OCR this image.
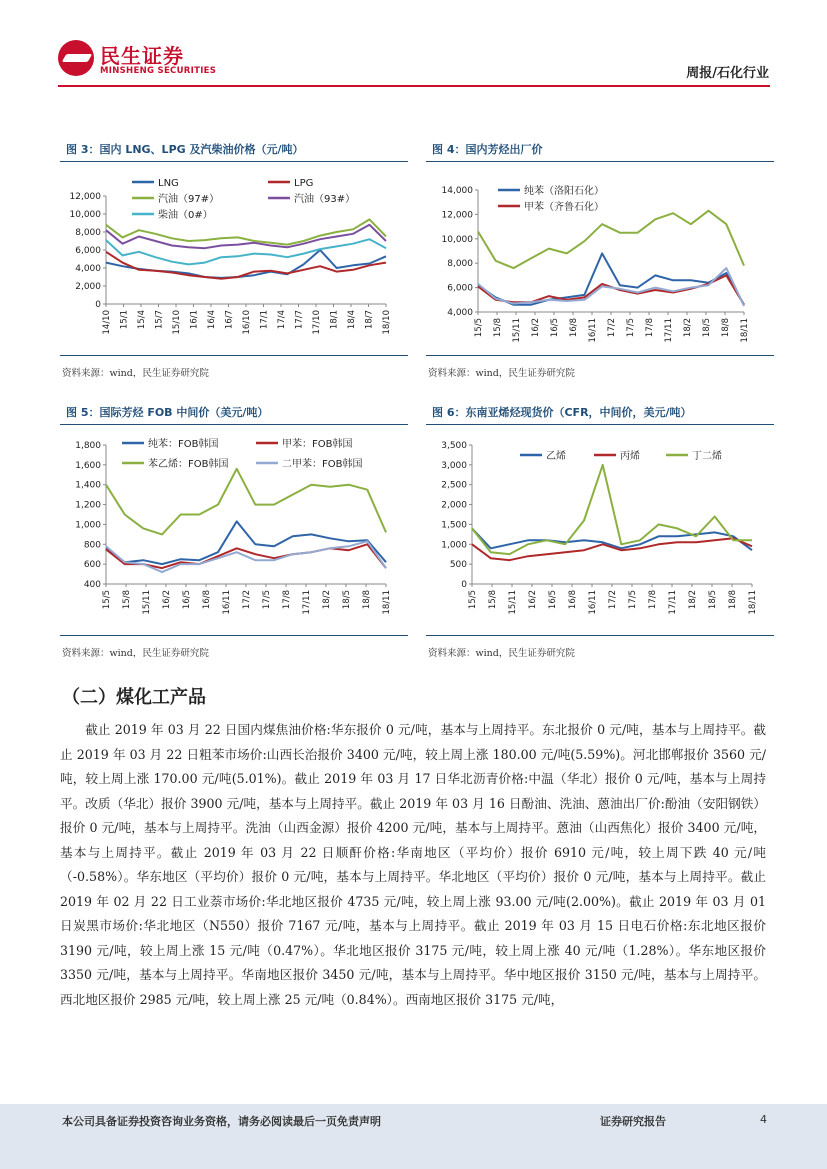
民生证券
MINSHENG SECURITIES	周报/石化行业
图 3：国内 LNG、LPG 及汽柴油价格（元/吨）
0
2,000
4,000
6,000
8,000
10,000
12,000
14/10 15/1 15/4 15/7 15/10 16/1 16/4 16/7 16/10 17/1 17/4 17/7 17/10 18/1 18/4 18/7 18/10
LNG	LPG
汽油（97#）	汽油（93#）
柴油（0#）
资料来源：wind，民生证券研究院
图 4：国内芳烃出厂价
4,000
6,000
8,000
10,000
12,000
14,000
15/5 15/8 15/11 16/2 16/5 16/8 16/11 17/2 17/5 17/8 17/11 18/2 18/5 18/8 18/11
纯苯（洛阳石化）
甲苯（齐鲁石化）
资料来源：wind，民生证券研究院
图 5：国际芳烃 FOB 中间价（美元/吨）
400
600
800
1,000
1,200
1,400
1,600
1,800
15/5 15/8 15/11 16/2 16/5 16/8 16/11 17/2 17/5 17/8 17/11 18/2 18/5 18/8 18/11
纯苯：FOB韩国	甲苯：FOB韩国
苯乙烯：FOB韩国	二甲苯：FOB韩国
资料来源：wind，民生证券研究院
图 6：东南亚烯烃现货价（CFR，中间价，美元/吨）
0
500
1,000
1,500
2,000
2,500
3,000
3,500
15/5 15/8 15/11 16/2 16/5 16/8 16/11 17/2 17/5 17/8 17/11 18/2 18/5 18/8 18/11
乙烯	丙烯	丁二烯
资料来源：wind，民生证券研究院
（二）煤化工产品
截止 2019 年 03 月 22 日国内煤焦油价格:华东报价 0 元/吨，基本与上周持平。东北报价 0 元/吨，基本与上周持平。截止 2019 年 03 月 22 日粗苯市场价:山西长治报价 3400 元/吨，较上周上涨 180.00 元/吨(5.59%)。河北邯郸报价 3560 元/吨，较上周上涨 170.00 元/吨(5.01%)。截止 2019 年 03 月 17 日华北沥青价格:中温（华北）报价 0 元/吨，基本与上周持平。改质（华北）报价 3900 元/吨，基本与上周持平。截止 2019 年 03 月 16 日酚油、洗油、蒽油出厂价:酚油（安阳钢铁）报价 0 元/吨，基本与上周持平。洗油（山西金源）报价 4200 元/吨，基本与上周持平。蒽油（山西焦化）报价 3400 元/吨，基本与上周持平。截止 2019 年 03 月 22 日顺酐价格:华南地区（平均价）报价 6910 元/吨，较上周下跌 40 元/吨（-0.58%）。华东地区（平均价）报价 0 元/吨，基本与上周持平。华北地区（平均价）报价 0 元/吨，基本与上周持平。截止 2019 年 02 月 22 日工业萘市场价:华北地区报价 4735 元/吨，较上周上涨 93.00 元/吨(2.00%)。截止 2019 年 03 月 01 日炭黑市场价:华北地区（N550）报价 7167 元/吨，基本与上周持平。截止 2019 年 03 月 15 日电石价格:东北地区报价 3190 元/吨，较上周上涨 15 元/吨（0.47%）。华北地区报价 3175 元/吨，较上周上涨 40 元/吨（1.28%）。华东地区报价 3350 元/吨，基本与上周持平。华南地区报价 3450 元/吨，基本与上周持平。华中地区报价 3150 元/吨，基本与上周持平。西北地区报价 2985 元/吨，较上周上涨 25 元/吨（0.84%）。西南地区报价 3175 元/吨，
本公司具备证券投资咨询业务资格，请务必阅读最后一页免责声明	证券研究报告	4
